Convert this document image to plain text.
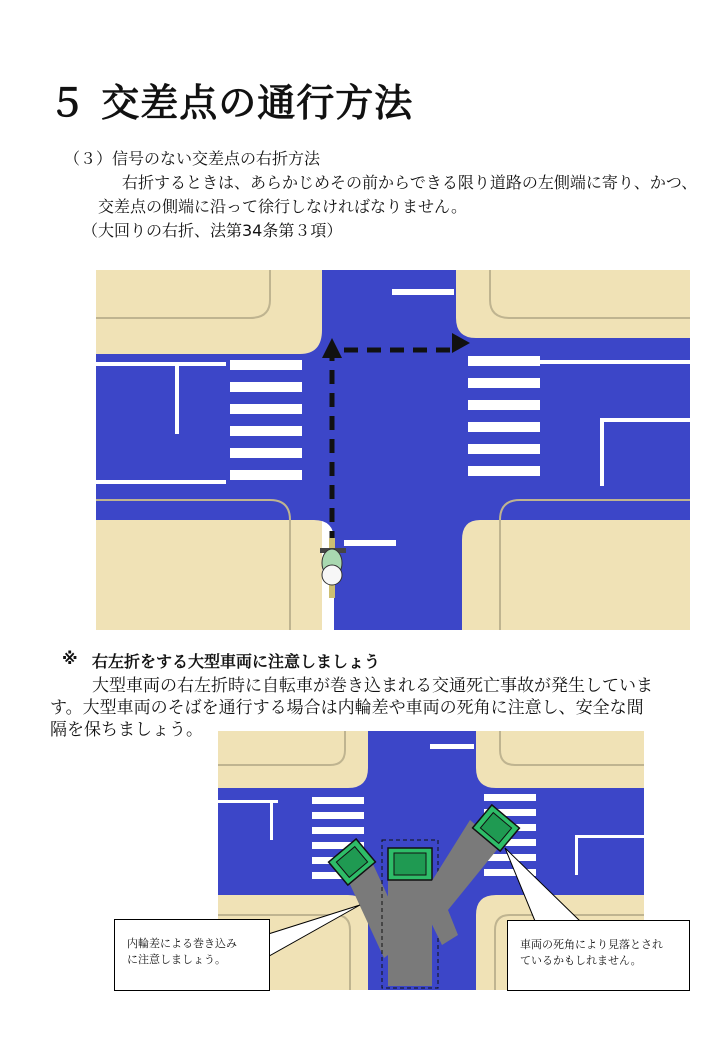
５ 交差点の通行方法
（３）信号のない交差点の右折方法
右折するときは、あらかじめその前からできる限り道路の左側端に寄り、かつ、
交差点の側端に沿って徐行しなければなりません。
（大回りの右折、法第34条第３項）
※ 右左折をする大型車両に注意しましょう
大型車両の右左折時に自転車が巻き込まれる交通死亡事故が発生していま
す。大型車両のそばを通行する場合は内輪差や車両の死角に注意し、安全な間
隔を保ちましょう。
内輪差による巻き込み
に注意しましょう。
車両の死角により見落とされ
ているかもしれません。
